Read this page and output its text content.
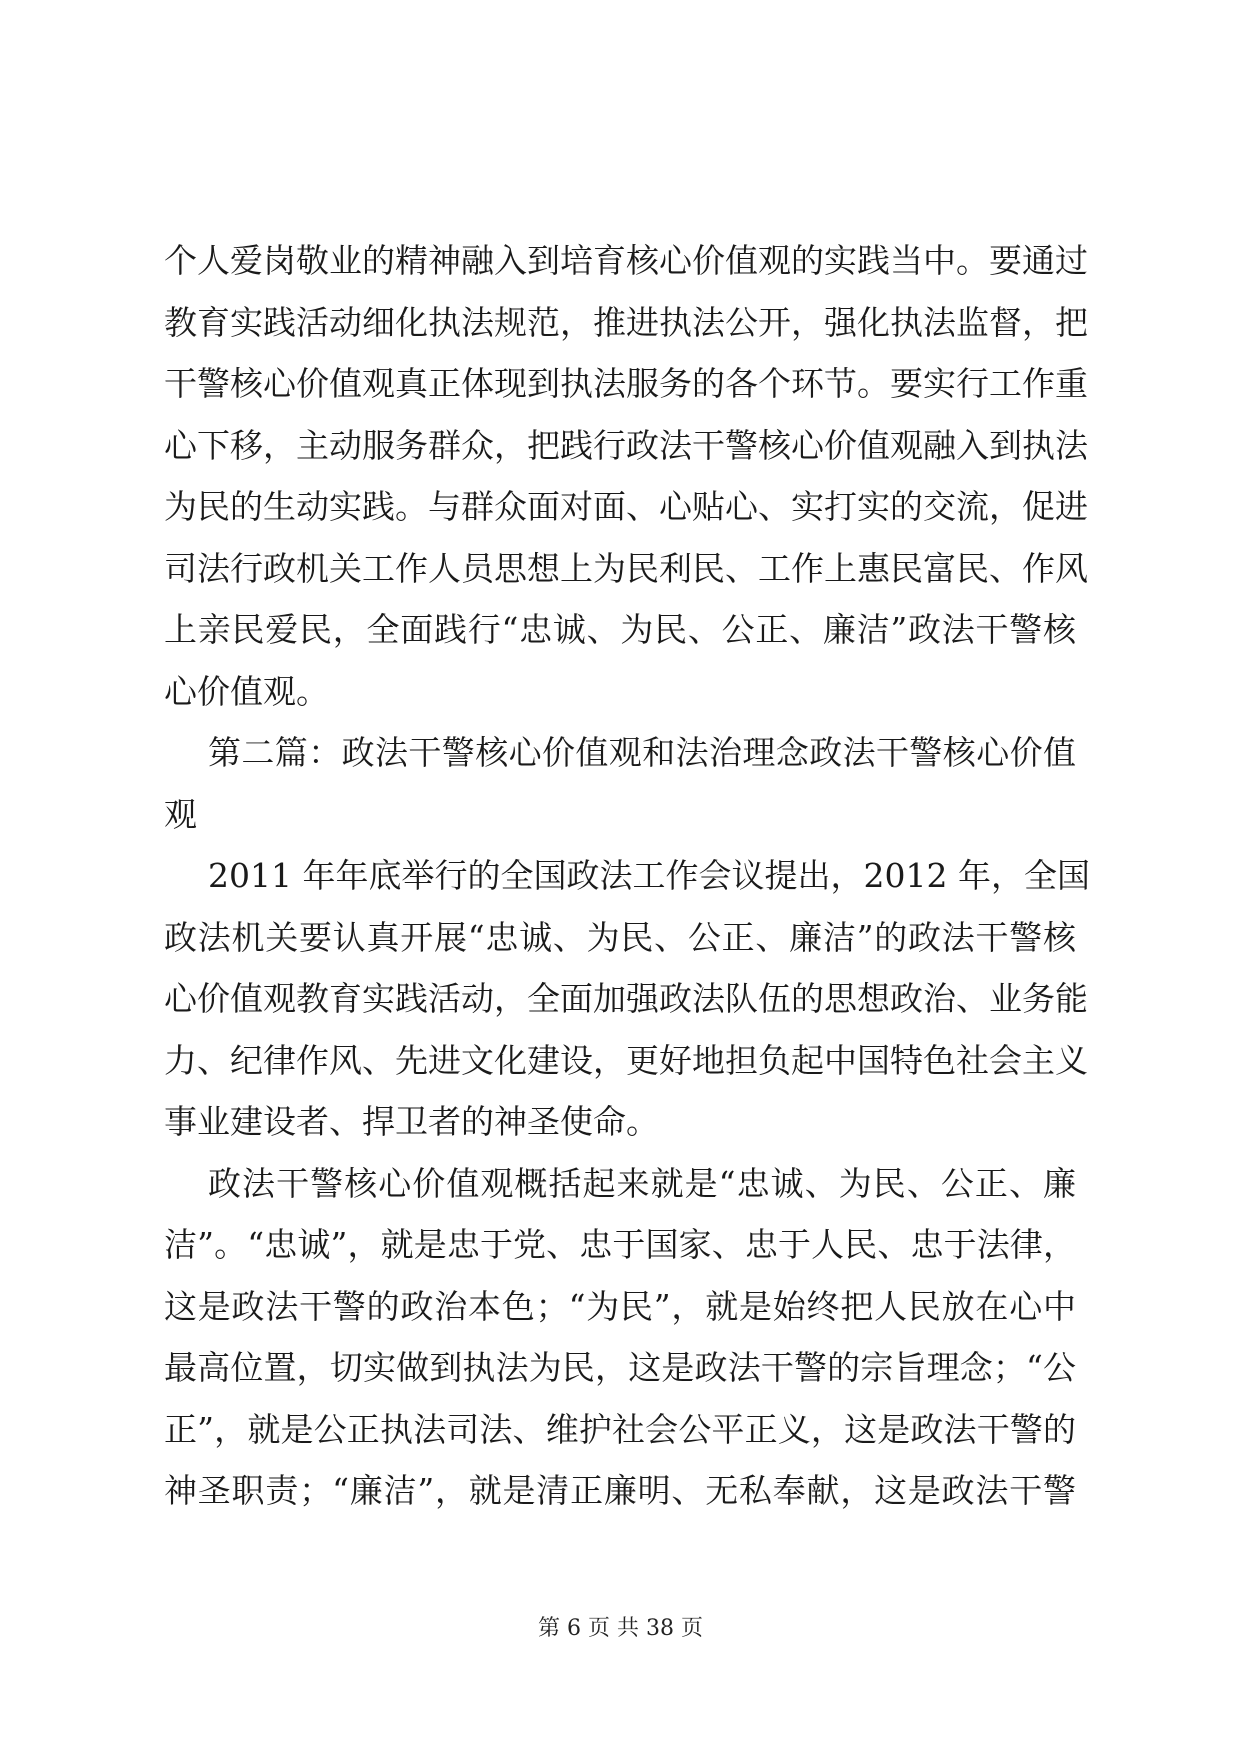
个人爱岗敬业的精神融入到培育核心价值观的实践当中。要通过
教育实践活动细化执法规范，推进执法公开，强化执法监督，把
干警核心价值观真正体现到执法服务的各个环节。要实行工作重
心下移，主动服务群众，把践行政法干警核心价值观融入到执法
为民的生动实践。与群众面对面、心贴心、实打实的交流，促进
司法行政机关工作人员思想上为民利民、工作上惠民富民、作风
上亲民爱民，全面践行“忠诚、为民、公正、廉洁”政法干警核
心价值观。
第二篇：政法干警核心价值观和法治理念政法干警核心价值
观
2011 年年底举行的全国政法工作会议提出，2012 年，全国
政法机关要认真开展“忠诚、为民、公正、廉洁”的政法干警核
心价值观教育实践活动，全面加强政法队伍的思想政治、业务能
力、纪律作风、先进文化建设，更好地担负起中国特色社会主义
事业建设者、捍卫者的神圣使命。
政法干警核心价值观概括起来就是“忠诚、为民、公正、廉
洁”。“忠诚”，就是忠于党、忠于国家、忠于人民、忠于法律，
这是政法干警的政治本色；“为民”，就是始终把人民放在心中
最高位置，切实做到执法为民，这是政法干警的宗旨理念；“公
正”，就是公正执法司法、维护社会公平正义，这是政法干警的
神圣职责；“廉洁”，就是清正廉明、无私奉献，这是政法干警
第 6 页 共 38 页
